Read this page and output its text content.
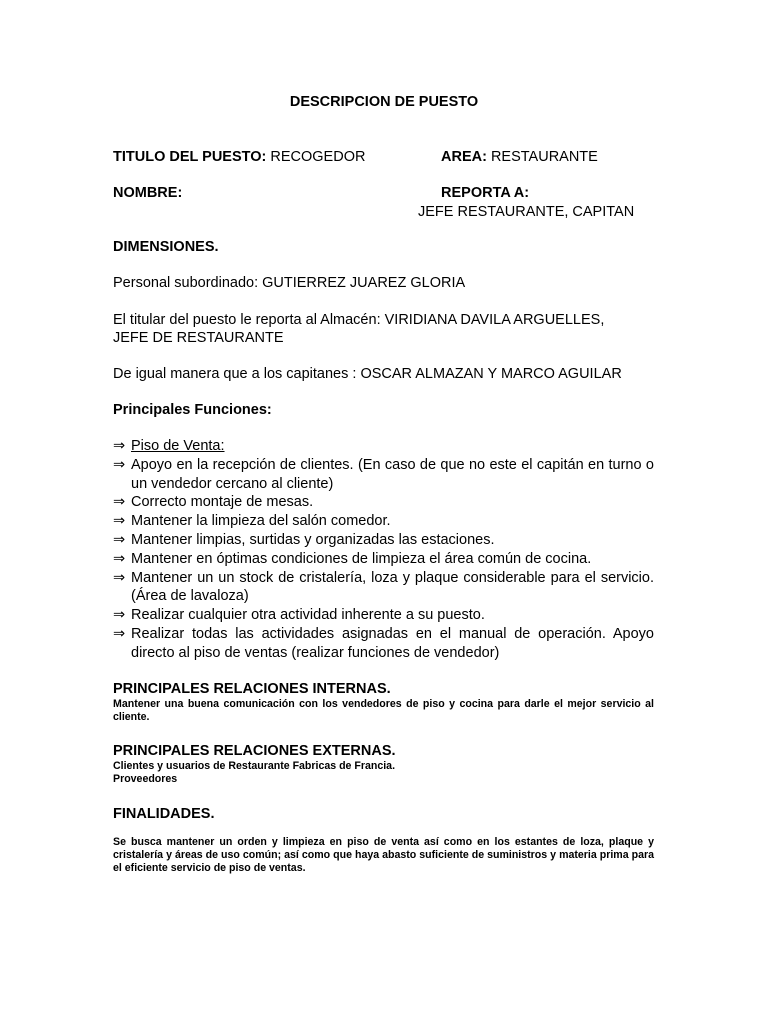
DESCRIPCION DE PUESTO
TITULO DEL PUESTO: RECOGEDOR	AREA: RESTAURANTE
NOMBRE:	REPORTA A:
JEFE RESTAURANTE, CAPITAN
DIMENSIONES.
Personal subordinado: GUTIERREZ JUAREZ GLORIA
El titular del puesto le reporta al Almacén: VIRIDIANA DAVILA ARGUELLES,
JEFE DE RESTAURANTE
De igual manera que a los capitanes : OSCAR ALMAZAN Y MARCO AGUILAR
Principales Funciones:
⇒ Piso de Venta:
⇒ Apoyo en la recepción de clientes. (En caso de que no este el capitán en turno o un vendedor cercano al cliente)
⇒ Correcto montaje de mesas.
⇒ Mantener la limpieza del salón comedor.
⇒ Mantener limpias, surtidas y organizadas las estaciones.
⇒ Mantener en óptimas condiciones de limpieza el área común de cocina.
⇒ Mantener un un stock de cristalería, loza y plaque considerable para el servicio. (Área de lavaloza)
⇒ Realizar cualquier otra actividad inherente a su puesto.
⇒ Realizar todas las actividades asignadas en el manual de operación. Apoyo directo al piso de ventas (realizar funciones de vendedor)
PRINCIPALES RELACIONES INTERNAS.
Mantener una buena comunicación con los vendedores de piso y cocina para darle el mejor servicio al cliente.
PRINCIPALES RELACIONES EXTERNAS.
Clientes y usuarios de Restaurante Fabricas de Francia.
Proveedores
FINALIDADES.
Se busca mantener un orden y limpieza en piso de venta así como en los estantes de loza, plaque y cristalería y áreas de uso común; así como que haya abasto suficiente de suministros y materia prima para el eficiente servicio de piso de ventas.
